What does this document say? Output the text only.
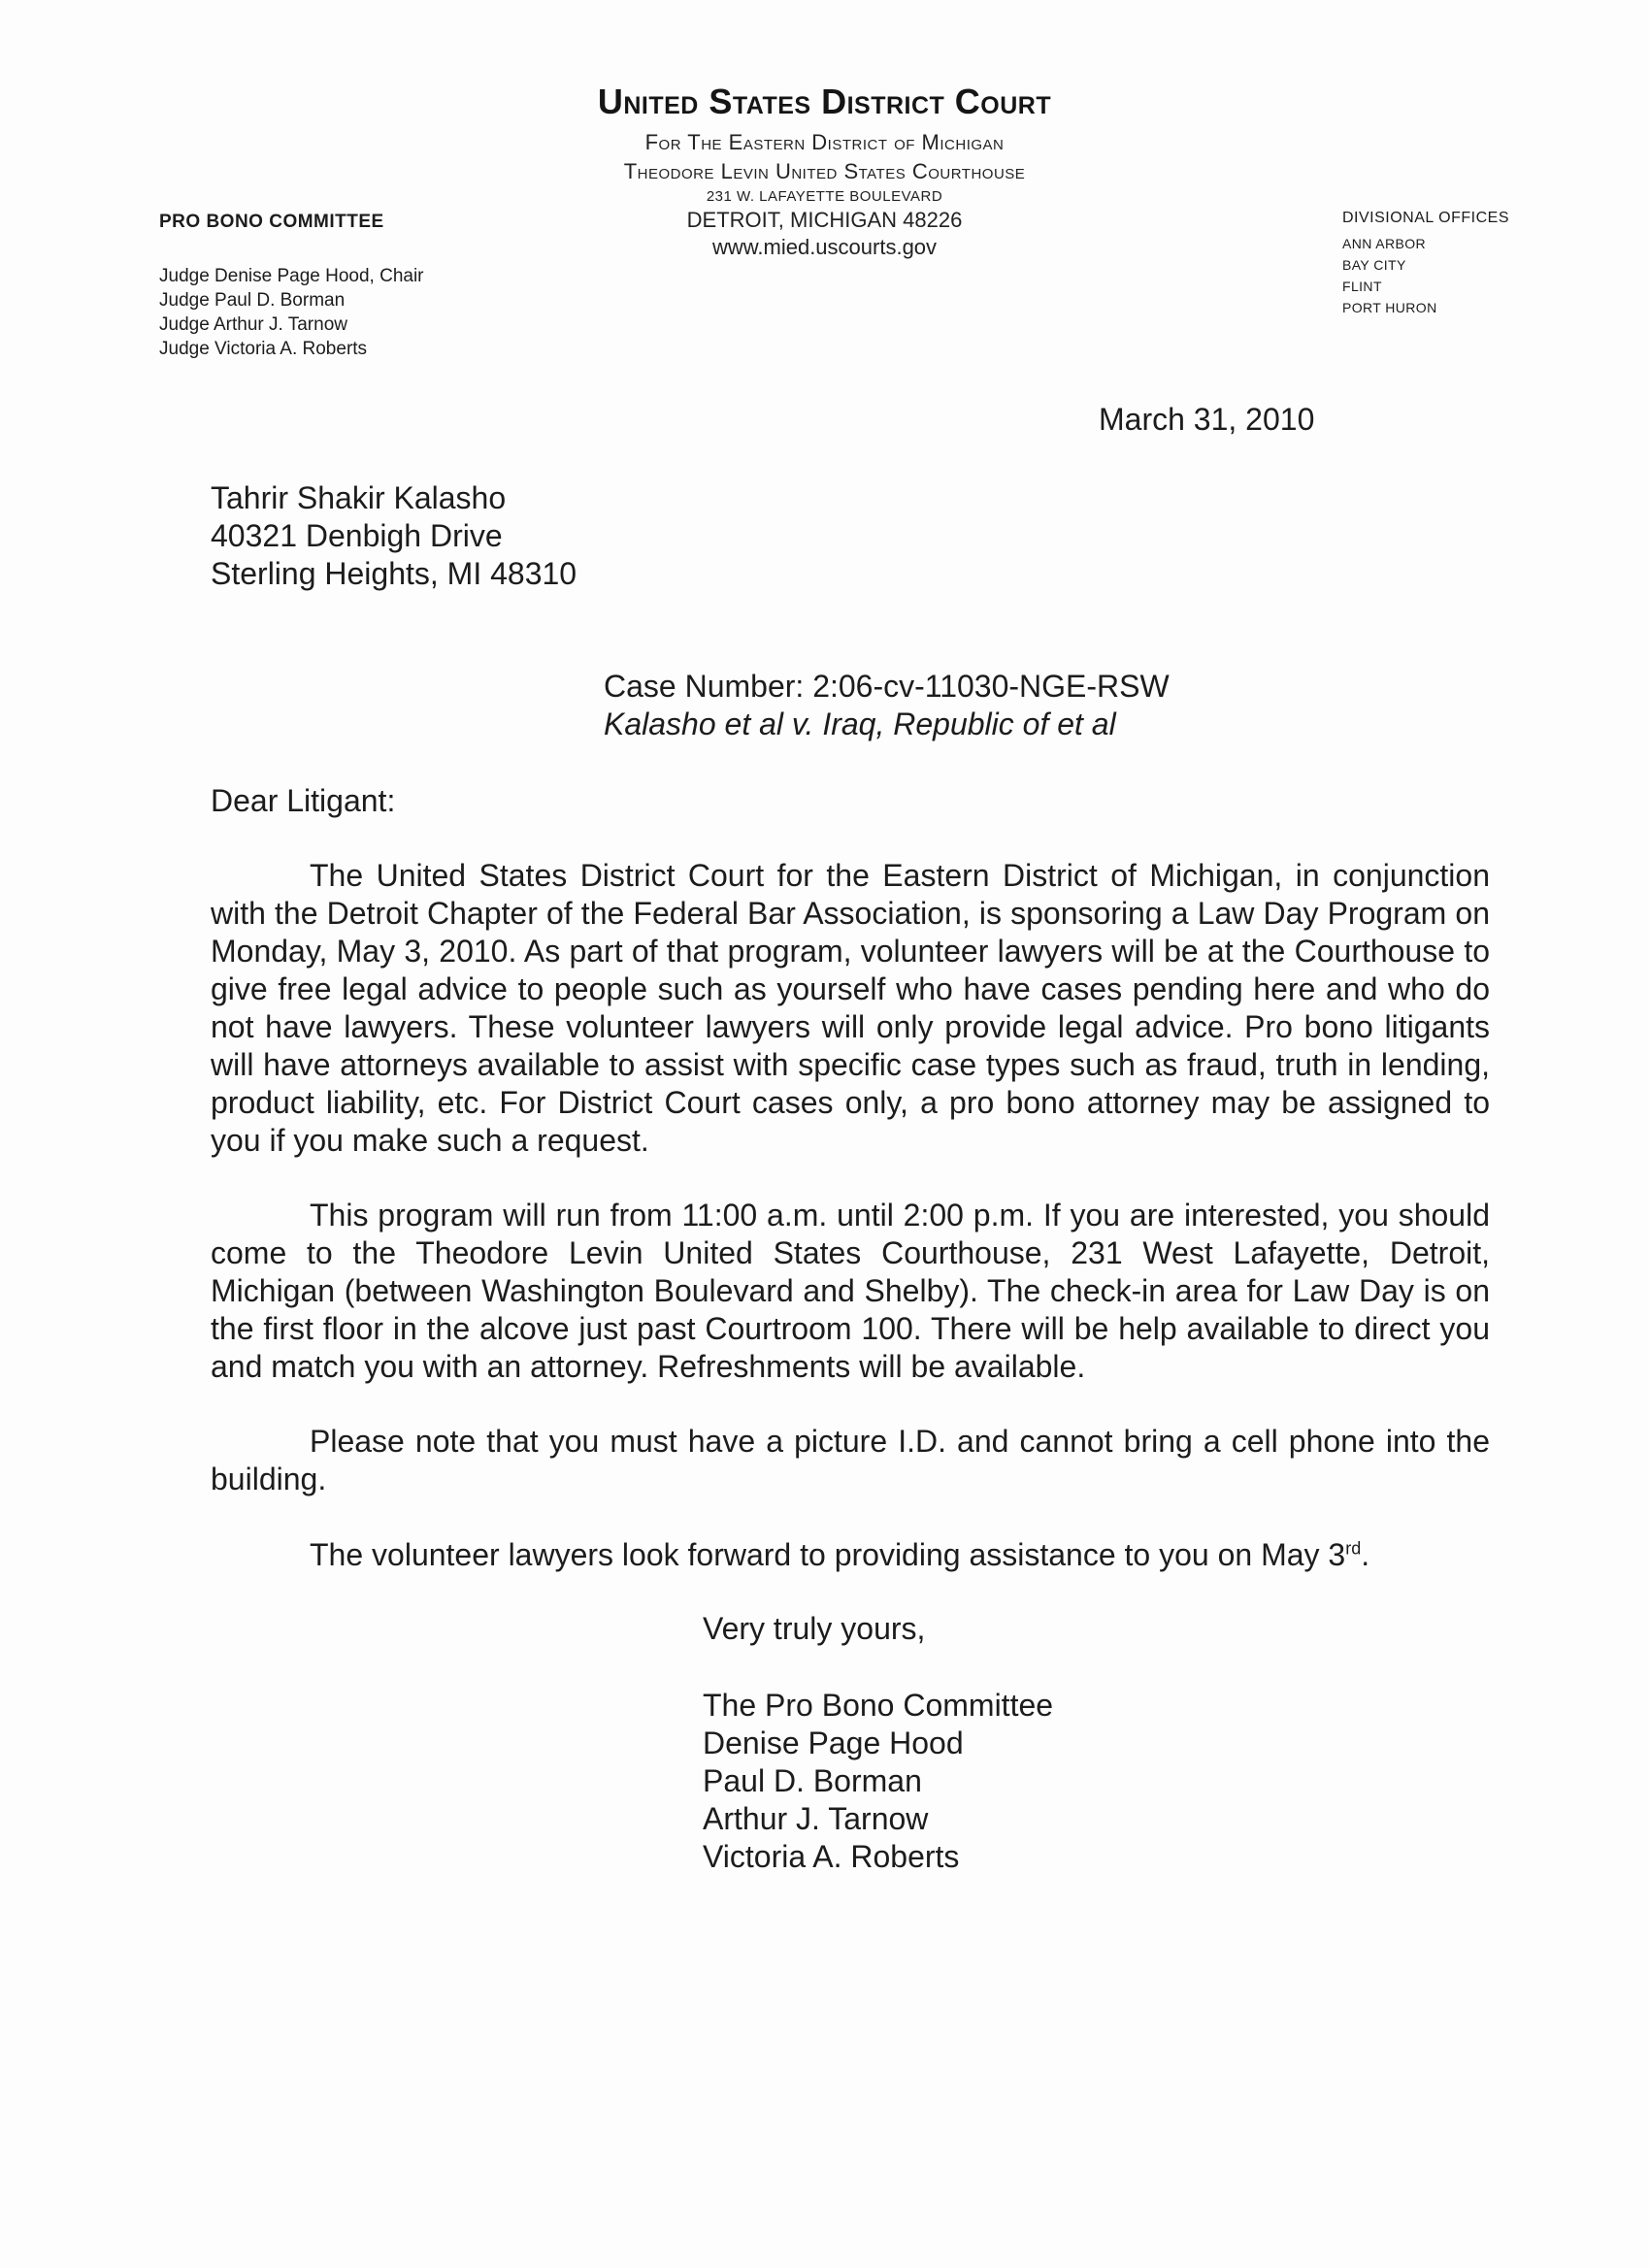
United States District Court
For The Eastern District of Michigan
Theodore Levin United States Courthouse
231 W. LAFAYETTE BOULEVARD
DETROIT, MICHIGAN 48226
www.mied.uscourts.gov
PRO BONO COMMITTEE
Judge Denise Page Hood, Chair
Judge Paul D. Borman
Judge Arthur J. Tarnow
Judge Victoria A. Roberts
DIVISIONAL OFFICES
ANN ARBOR
BAY CITY
FLINT
PORT HURON
March 31, 2010
Tahrir Shakir Kalasho
40321 Denbigh Drive
Sterling Heights, MI 48310
Case Number: 2:06-cv-11030-NGE-RSW
Kalasho et al v. Iraq, Republic of et al
Dear Litigant:
The United States District Court for the Eastern District of Michigan, in conjunction with the Detroit Chapter of the Federal Bar Association, is sponsoring a Law Day Program on Monday, May 3, 2010. As part of that program, volunteer lawyers will be at the Courthouse to give free legal advice to people such as yourself who have cases pending here and who do not have lawyers. These volunteer lawyers will only provide legal advice. Pro bono litigants will have attorneys available to assist with specific case types such as fraud, truth in lending, product liability, etc. For District Court cases only, a pro bono attorney may be assigned to you if you make such a request.
This program will run from 11:00 a.m. until 2:00 p.m. If you are interested, you should come to the Theodore Levin United States Courthouse, 231 West Lafayette, Detroit, Michigan (between Washington Boulevard and Shelby). The check-in area for Law Day is on the first floor in the alcove just past Courtroom 100. There will be help available to direct you and match you with an attorney. Refreshments will be available.
Please note that you must have a picture I.D. and cannot bring a cell phone into the building.
The volunteer lawyers look forward to providing assistance to you on May 3rd.
Very truly yours,
The Pro Bono Committee
Denise Page Hood
Paul D. Borman
Arthur J. Tarnow
Victoria A. Roberts
